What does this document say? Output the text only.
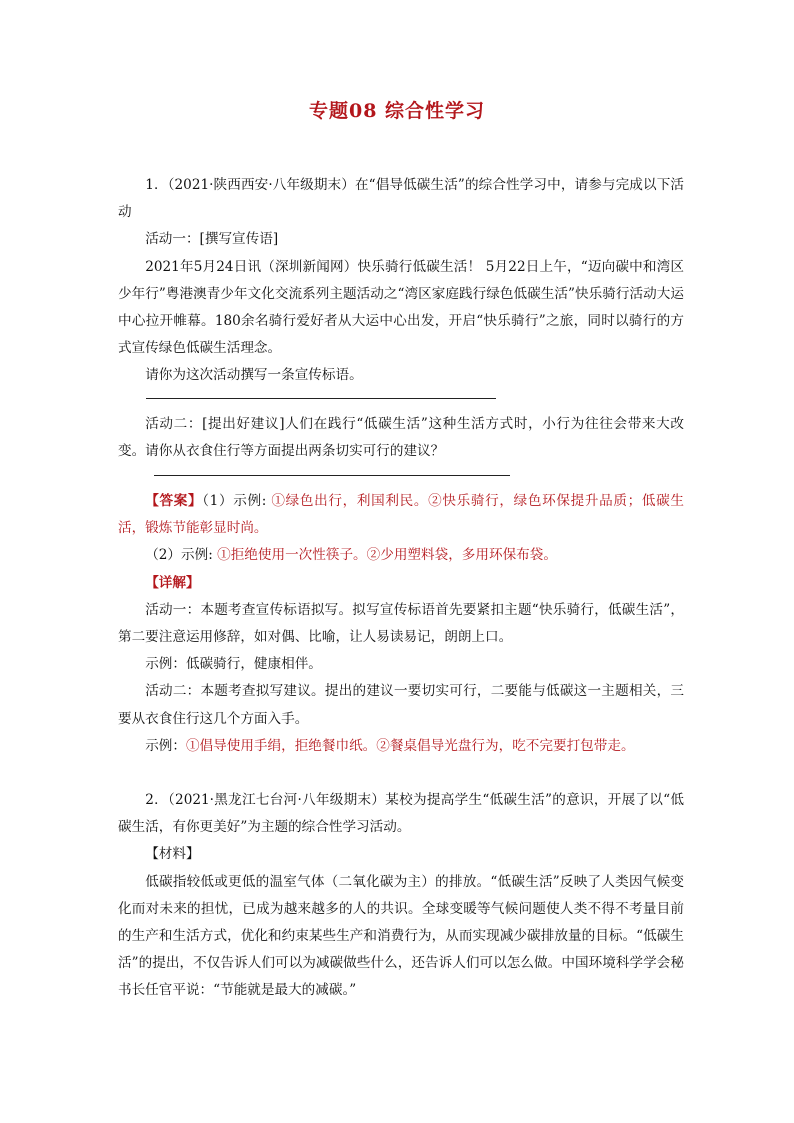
专题08 综合性学习

1．（2021·陕西西安·八年级期末）在“倡导低碳生活”的综合性学习中，请参与完成以下活动

活动一：[撰写宣传语]

2021年5月24日讯（深圳新闻网）快乐骑行低碳生活！ 5月22日上午，“迈向碳中和湾区少年行”粤港澳青少年文化交流系列主题活动之“湾区家庭践行绿色低碳生活”快乐骑行活动大运中心拉开帷幕。180余名骑行爱好者从大运中心出发，开启“快乐骑行”之旅，同时以骑行的方式宣传绿色低碳生活理念。

请你为这次活动撰写一条宣传标语。

活动二：[提出好建议]人们在践行“低碳生活”这种生活方式时，小行为往往会带来大改变。请你从衣食住行等方面提出两条切实可行的建议？

【答案】（1）示例: ①绿色出行，利国利民。②快乐骑行，绿色环保提升品质；低碳生活，锻炼节能彰显时尚。

（2）示例: ①拒绝使用一次性筷子。②少用塑料袋，多用环保布袋。

【详解】

活动一：本题考查宣传标语拟写。拟写宣传标语首先要紧扣主题“快乐骑行，低碳生活”，第二要注意运用修辞，如对偶、比喻，让人易读易记，朗朗上口。

示例：低碳骑行，健康相伴。

活动二：本题考查拟写建议。提出的建议一要切实可行，二要能与低碳这一主题相关，三要从衣食住行这几个方面入手。

示例：①倡导使用手绢，拒绝餐巾纸。②餐桌倡导光盘行为，吃不完要打包带走。

2．（2021·黑龙江七台河·八年级期末）某校为提高学生“低碳生活”的意识，开展了以“低碳生活，有你更美好”为主题的综合性学习活动。

【材料】

低碳指较低或更低的温室气体（二氧化碳为主）的排放。“低碳生活”反映了人类因气候变化而对未来的担忧，已成为越来越多的人的共识。全球变暖等气候问题使人类不得不考量目前的生产和生活方式，优化和约束某些生产和消费行为，从而实现减少碳排放量的目标。“低碳生活”的提出，不仅告诉人们可以为减碳做些什么，还告诉人们可以怎么做。中国环境科学学会秘书长任官平说：“节能就是最大的减碳。”
